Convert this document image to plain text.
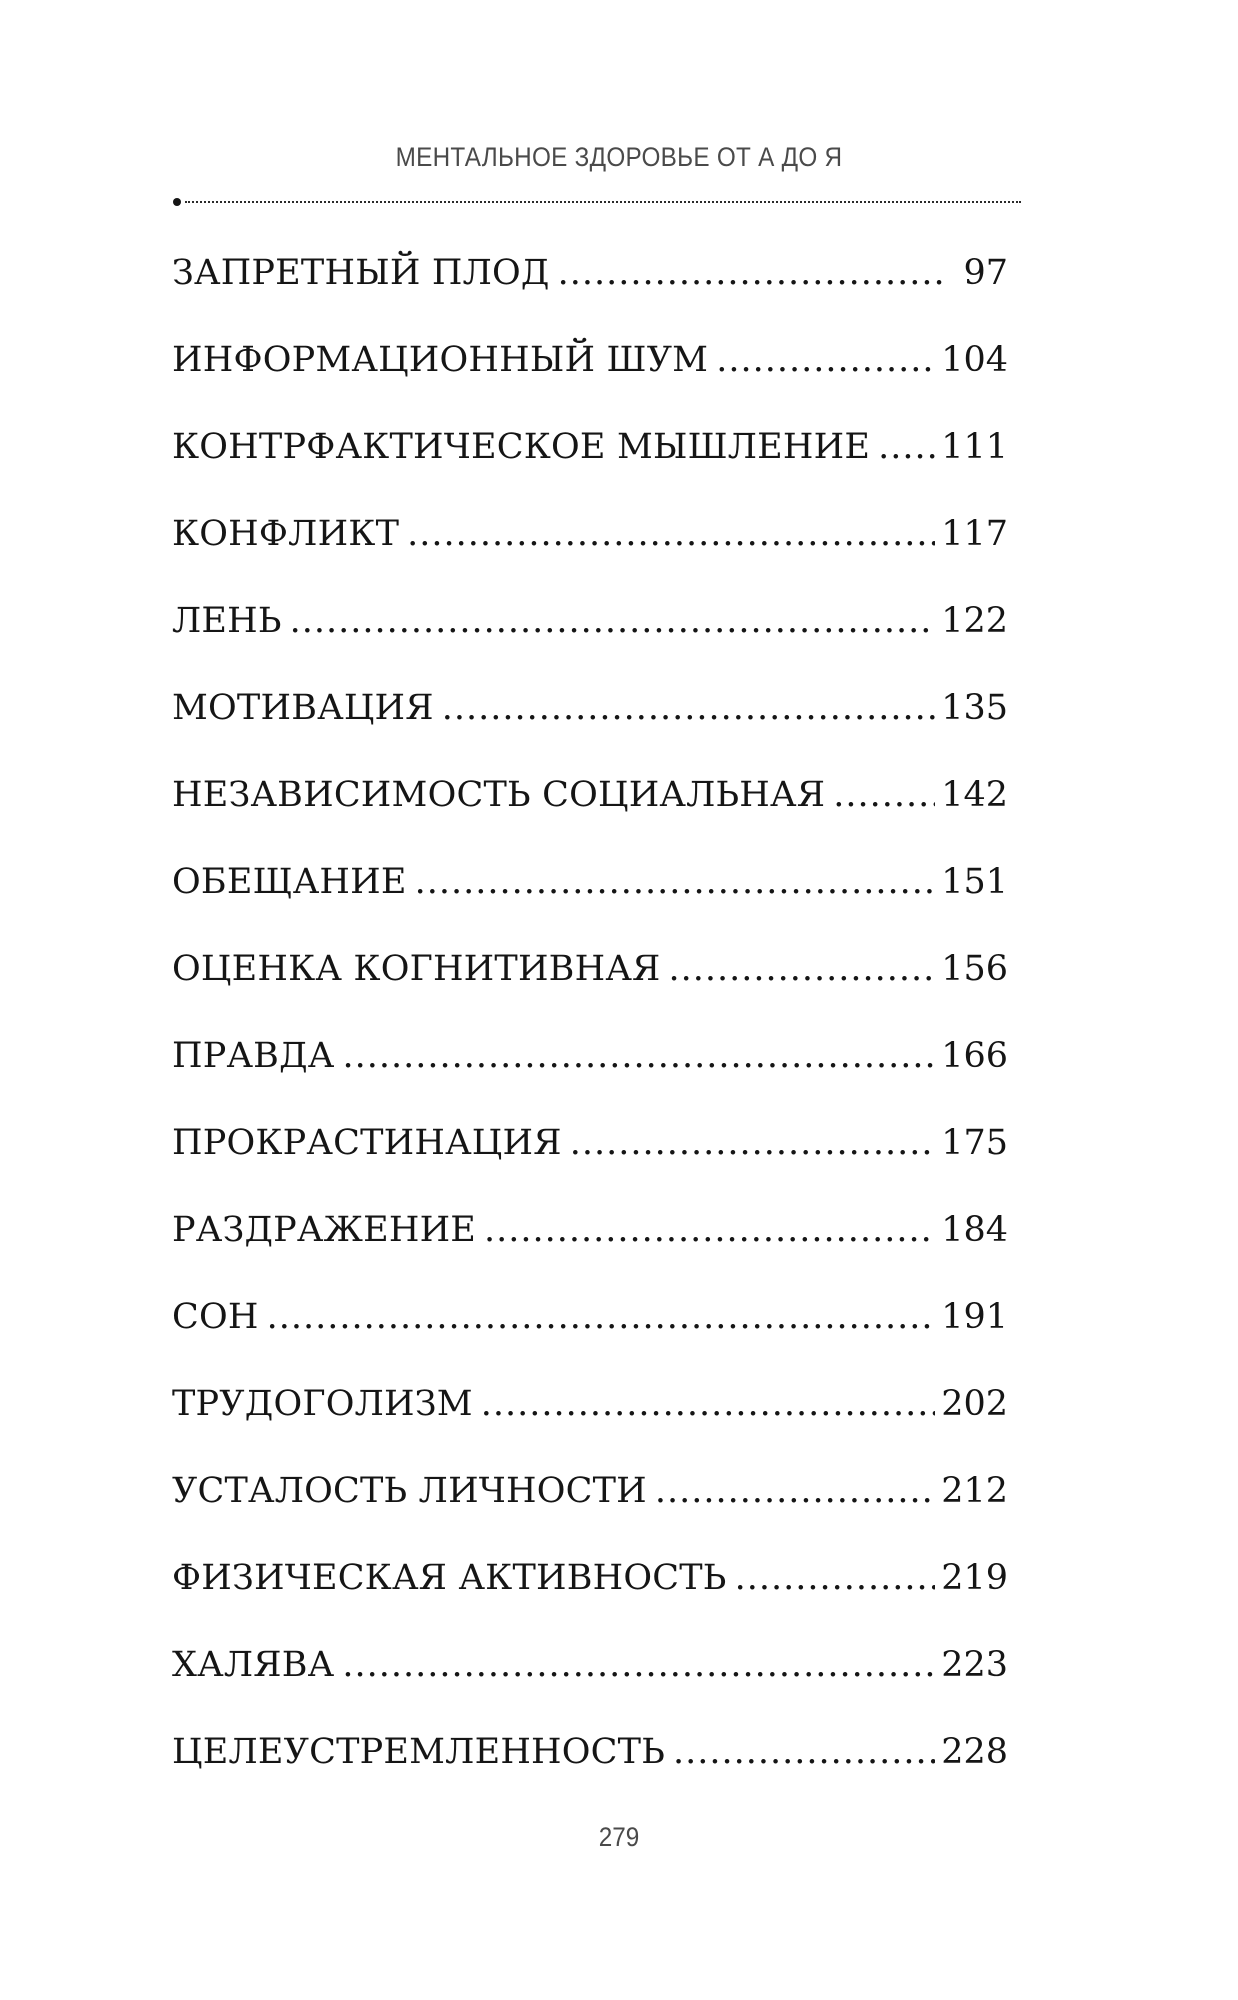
МЕНТАЛЬНОЕ ЗДОРОВЬЕ ОТ А ДО Я
ЗАПРЕТНЫЙ ПЛОД .....	97
ИНФОРМАЦИОННЫЙ ШУМ .....	104
КОНТРФАКТИЧЕСКОЕ МЫШЛЕНИЕ ..... 111
КОНФЛИКТ .....	117
ЛЕНЬ .....	122
МОТИВАЦИЯ .....	135
НЕЗАВИСИМОСТЬ СОЦИАЛЬНАЯ .....	142
ОБЕЩАНИЕ .....	151
ОЦЕНКА КОГНИТИВНАЯ .....	156
ПРАВДА .....	166
ПРОКРАСТИНАЦИЯ .....	175
РАЗДРАЖЕНИЕ .....	184
СОН .....	191
ТРУДОГОЛИЗМ .....	202
УСТАЛОСТЬ ЛИЧНОСТИ .....	212
ФИЗИЧЕСКАЯ АКТИВНОСТЬ .....	219
ХАЛЯВА .....	223
ЦЕЛЕУСТРЕМЛЕННОСТЬ .....	228
279
